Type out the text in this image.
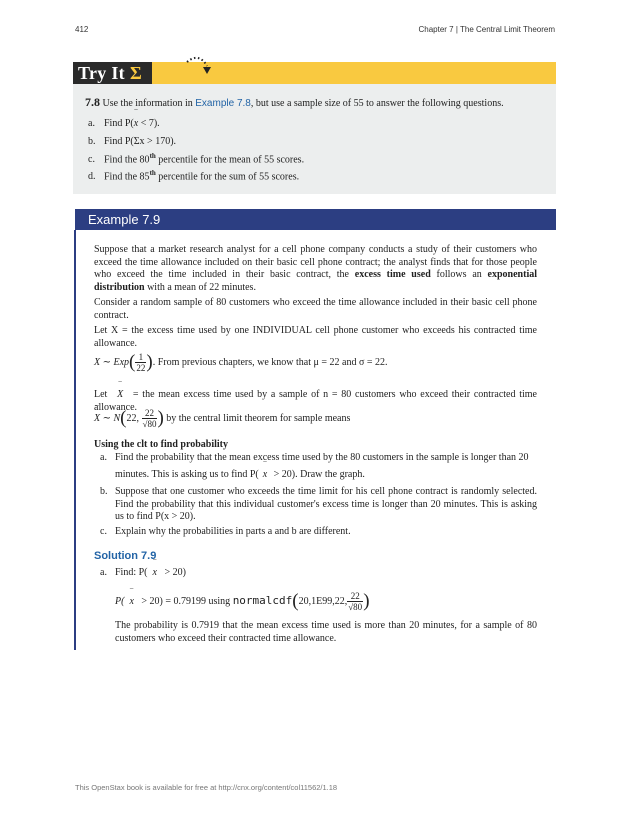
412	Chapter 7 | The Central Limit Theorem
Try It Σ
7.8 Use the information in Example 7.8, but use a sample size of 55 to answer the following questions.
a. Find P(‾ x < 7).
b. Find P(Σx > 170).
c. Find the 80th percentile for the mean of 55 scores.
d. Find the 85th percentile for the sum of 55 scores.
Example 7.9
Suppose that a market research analyst for a cell phone company conducts a study of their customers who exceed the time allowance included on their basic cell phone contract; the analyst finds that for those people who exceed the time included in their basic contract, the excess time used follows an exponential distribution with a mean of 22 minutes.
Consider a random sample of 80 customers who exceed the time allowance included in their basic cell phone contract.
Let X = the excess time used by one INDIVIDUAL cell phone customer who exceeds his contracted time allowance.
X ∼ $Exp( \frac{1}{22}$ ). From previous chapters, we know that μ = 22 and σ = 22.
Let ‾ X = the mean excess time used by a sample of n = 80 customers who exceed their contracted time allowance.
‾ X ∼ N(22, $\frac{22}{√80}$ ) by the central limit theorem for sample means
Using the clt to find probability
a. Find the probability that the mean excess time used by the 80 customers in the sample is longer than 20
minutes. This is asking us to find P( ‾ x > 20). Draw the graph.
b. Suppose that one customer who exceeds the time limit for his cell phone contract is randomly selected. Find the probability that this individual customer's excess time is longer than 20 minutes. This is asking us to find P(x > 20).
c. Explain why the probabilities in parts a and b are different.
Solution 7.9
a. Find: P( ‾ x > 20)
P( ‾ x > 20) = 0.79199 using normalcdf(20,1E99,22, $\frac{22}{√80}$ )
The probability is 0.7919 that the mean excess time used is more than 20 minutes, for a sample of 80 customers who exceed their contracted time allowance.
This OpenStax book is available for free at http://cnx.org/content/col11562/1.18
